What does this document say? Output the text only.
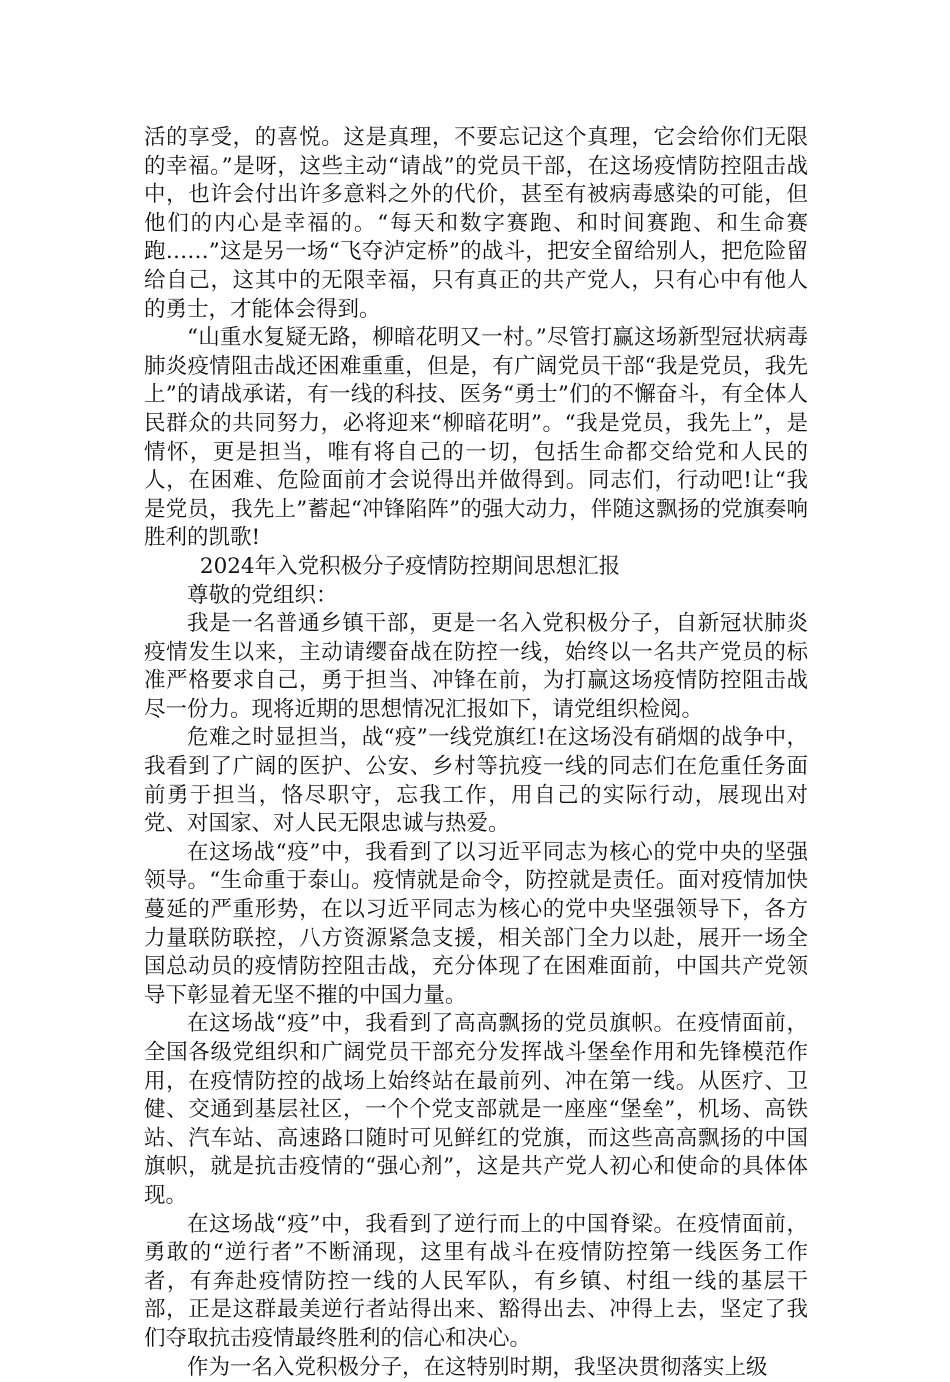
活的享受，的喜悦。这是真理，不要忘记这个真理，它会给你们无限的幸福。”是呀，这些主动“请战”的党员干部，在这场疫情防控阻击战中，也许会付出许多意料之外的代价，甚至有被病毒感染的可能，但他们的内心是幸福的。“每天和数字赛跑、和时间赛跑、和生命赛跑……”这是另一场“飞夺泸定桥”的战斗，把安全留给别人，把危险留给自己，这其中的无限幸福，只有真正的共产党人，只有心中有他人的勇士，才能体会得到。

“山重水复疑无路，柳暗花明又一村。”尽管打赢这场新型冠状病毒肺炎疫情阻击战还困难重重，但是，有广阔党员干部“我是党员，我先上”的请战承诺，有一线的科技、医务“勇士”们的不懈奋斗，有全体人民群众的共同努力，必将迎来“柳暗花明”。“我是党员，我先上”，是情怀，更是担当，唯有将自己的一切，包括生命都交给党和人民的人，在困难、危险面前才会说得出并做得到。同志们，行动吧!让“我是党员，我先上”蓄起“冲锋陷阵”的强大动力，伴随这飘扬的党旗奏响胜利的凯歌!

2024年入党积极分子疫情防控期间思想汇报

尊敬的党组织：

我是一名普通乡镇干部，更是一名入党积极分子，自新冠状肺炎疫情发生以来，主动请缨奋战在防控一线，始终以一名共产党员的标准严格要求自己，勇于担当、冲锋在前，为打赢这场疫情防控阻击战尽一份力。现将近期的思想情况汇报如下，请党组织检阅。

危难之时显担当，战“疫”一线党旗红!在这场没有硝烟的战争中，我看到了广阔的医护、公安、乡村等抗疫一线的同志们在危重任务面前勇于担当，恪尽职守，忘我工作，用自己的实际行动，展现出对党、对国家、对人民无限忠诚与热爱。

在这场战“疫”中，我看到了以习近平同志为核心的党中央的坚强领导。“生命重于泰山。疫情就是命令，防控就是责任。面对疫情加快蔓延的严重形势，在以习近平同志为核心的党中央坚强领导下，各方力量联防联控，八方资源紧急支援，相关部门全力以赴，展开一场全国总动员的疫情防控阻击战，充分体现了在困难面前，中国共产党领导下彰显着无坚不摧的中国力量。

在这场战“疫”中，我看到了高高飘扬的党员旗帜。在疫情面前，全国各级党组织和广阔党员干部充分发挥战斗堡垒作用和先锋模范作用，在疫情防控的战场上始终站在最前列、冲在第一线。从医疗、卫健、交通到基层社区，一个个党支部就是一座座“堡垒”，机场、高铁站、汽车站、高速路口随时可见鲜红的党旗，而这些高高飘扬的中国旗帜，就是抗击疫情的“强心剂”，这是共产党人初心和使命的具体体现。

在这场战“疫”中，我看到了逆行而上的中国脊梁。在疫情面前，勇敢的“逆行者”不断涌现，这里有战斗在疫情防控第一线医务工作者，有奔赴疫情防控一线的人民军队，有乡镇、村组一线的基层干部，正是这群最美逆行者站得出来、豁得出去、冲得上去，坚定了我们夺取抗击疫情最终胜利的信心和决心。

作为一名入党积极分子，在这特别时期，我坚决贯彻落实上级
